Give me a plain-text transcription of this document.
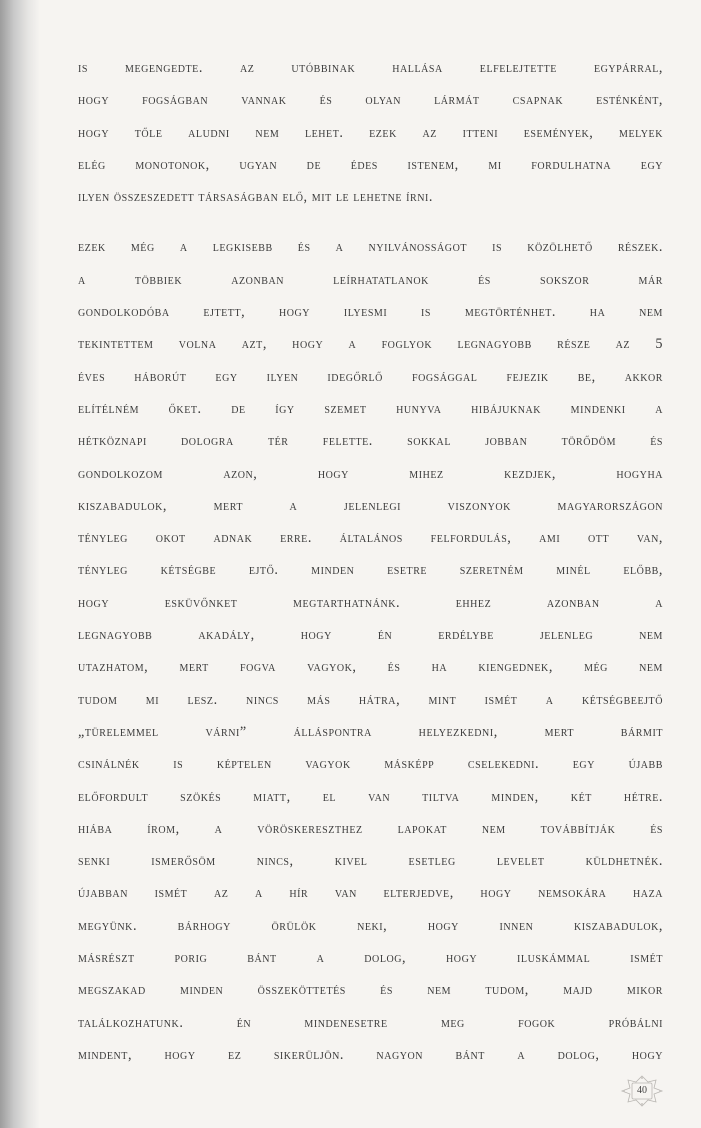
is megengedte. az utóbbinak hallása elfelejtette egypárral,
hogy fogságban vannak és olyan lármát csapnak esténként,
hogy tőle aludni nem lehet. ezek az itteni események, melyek
elég monotonok, ugyan de édes istenem, mi fordulhatna egy
ilyen összeszedett társaságban elő, mit le lehetne írni.
ezek még a legkisebb és a nyilvánosságot is közölhető részek.
a többiek azonban leírhatatlanok és sokszor már
gondolkodóba ejtett, hogy ilyesmi is megtörténhet. ha nem
tekintettem volna azt, hogy a foglyok legnagyobb része az 5
éves háborút egy ilyen idegőrlő fogsággal fejezik be, akkor
elítélném őket. de így szemet hunyva hibájuknak mindenki a
hétköznapi dologra tér felette. sokkal jobban törődöm és
gondolkozom azon, hogy mihez kezdjek, hogyha
kiszabadulok, mert a jelenlegi viszonyok magyarországon
tényleg okot adnak erre. általános felfordulás, ami ott van,
tényleg kétségbe ejtő. minden esetre szeretném minél előbb,
hogy esküvőnket megtarthatnánk. ehhez azonban a
legnagyobb akadály, hogy én erdélybe jelenleg nem
utazhatom, mert fogva vagyok, és ha kiengednek, még nem
tudom mi lesz. nincs más hátra, mint ismét a kétségbeejtő
„türelemmel várni” álláspontra helyezkedni, mert bármit
csinálnék is képtelen vagyok másképp cselekedni. egy újabb
előfordult szökés miatt, el van tiltva minden, két hétre.
hiába írom, a vöröskereszthez lapokat nem továbbítják és
senki ismerősöm nincs, kivel esetleg levelet küldhetnék.
újabban ismét az a hír van elterjedve, hogy nemsokára haza
megyünk. bárhogy örülök neki, hogy innen kiszabadulok,
másrészt porig bánt a dolog, hogy iluskámmal ismét
megszakad minden összeköttetés és nem tudom, majd mikor
találkozhatunk. én mindenesetre meg fogok próbálni
mindent, hogy ez sikerüljön. nagyon bánt a dolog, hogy
40
